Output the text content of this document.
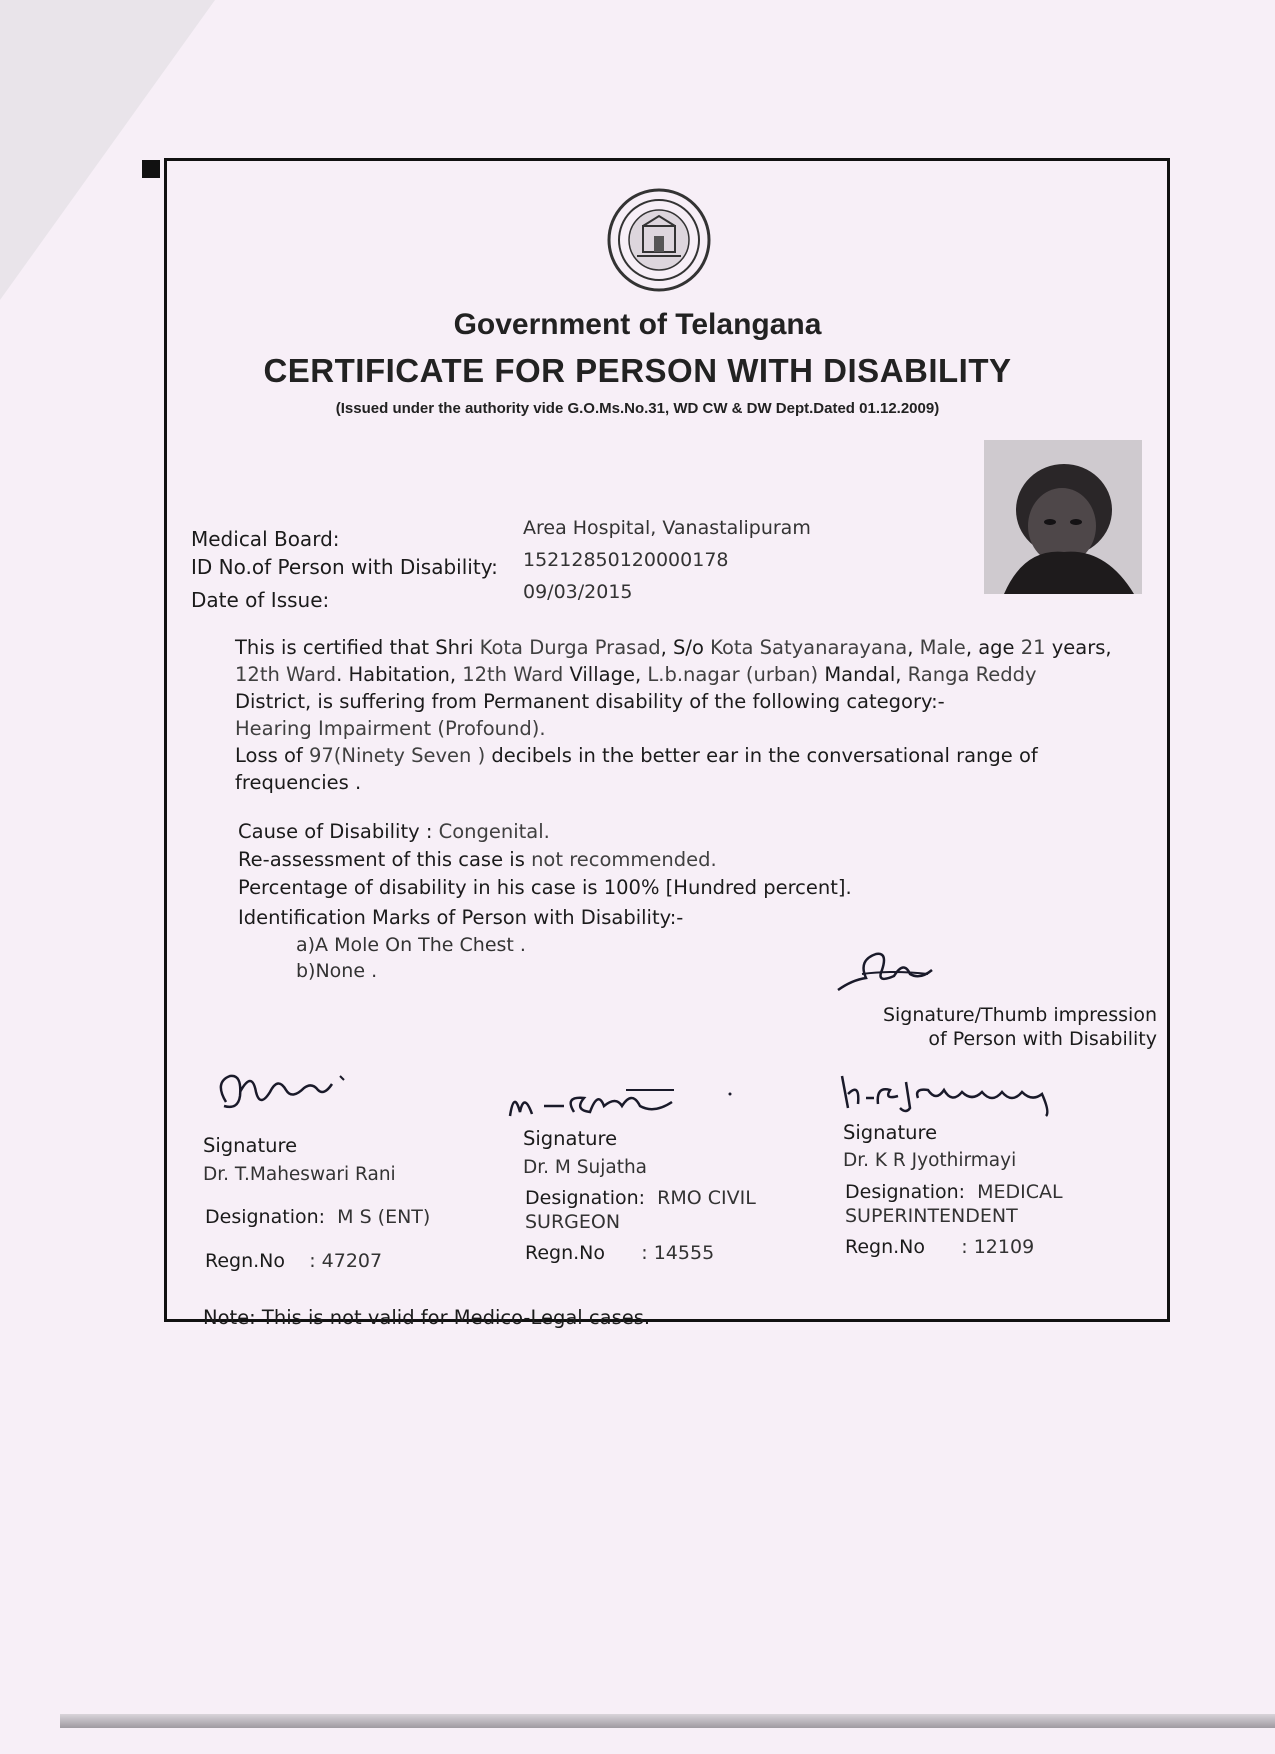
Government of Telangana
CERTIFICATE FOR PERSON WITH DISABILITY
(Issued under the authority vide G.O.Ms.No.31, WD CW & DW Dept.Dated 01.12.2009)
Medical Board:	Area Hospital, Vanastalipuram
ID No.of Person with Disability: 15212850120000178
Date of Issue:	09/03/2015
This is certified that Shri Kota Durga Prasad, S/o Kota Satyanarayana, Male, age 21 years, 12th Ward. Habitation, 12th Ward Village, L.b.nagar (urban) Mandal, Ranga Reddy District, is suffering from Permanent disability of the following category:-
Hearing Impairment (Profound).
Loss of 97(Ninety Seven ) decibels in the better ear in the conversational range of frequencies .
Cause of Disability : Congenital.
Re-assessment of this case is not recommended.
Percentage of disability in his case is 100% [Hundred percent].
Identification Marks of Person with Disability:-
a)A Mole On The Chest .
b)None .
Signature/Thumb impression
of Person with Disability
Signature
Dr. T.Maheswari Rani
Designation: M S (ENT)
Regn.No : 47207
Signature
Dr. M Sujatha
Designation: RMO CIVIL SURGEON
Regn.No : 14555
Signature
Dr. K R Jyothirmayi
Designation: MEDICAL SUPERINTENDENT
Regn.No : 12109
Note: This is not valid for Medico-Legal cases.
